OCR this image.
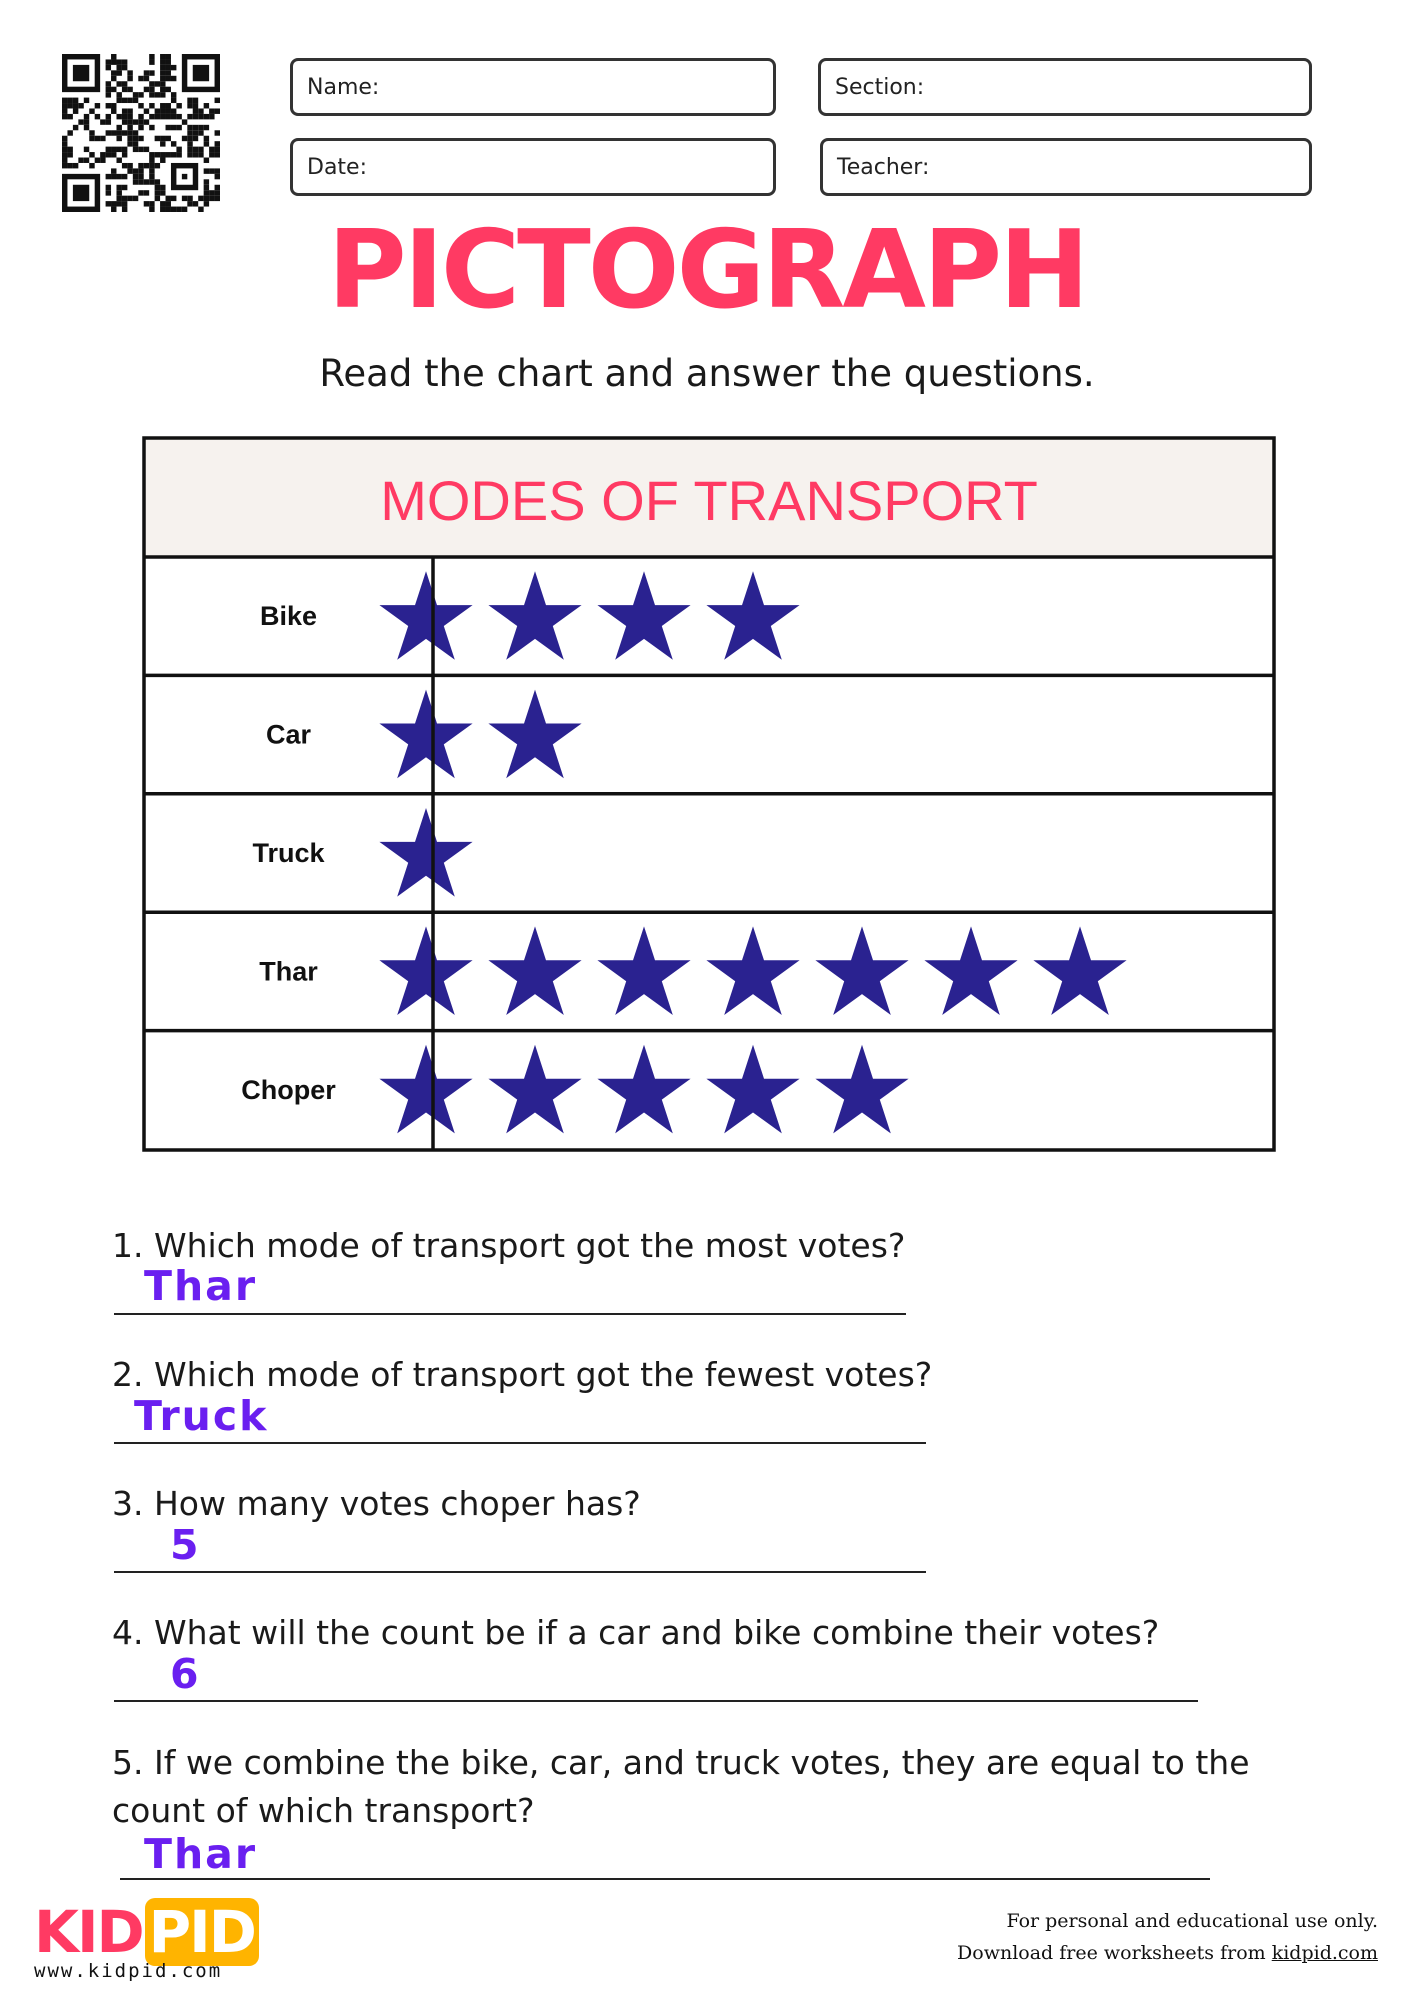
Name:	Section:
Date:	Teacher:
PICTOGRAPH
Read the chart and answer the questions.
MODES OF TRANSPORT
Bike
Car
Truck
Thar
Choper
1. Which mode of transport got the most votes?
Thar
2. Which mode of transport got the fewest votes?
Truck
3. How many votes choper has?
5
4. What will the count be if a car and bike combine their votes?
6
5. If we combine the bike, car, and truck votes, they are equal to the count of which transport?
Thar
KID PID
www.kidpid.com
For personal and educational use only.
Download free worksheets from kidpid.com
